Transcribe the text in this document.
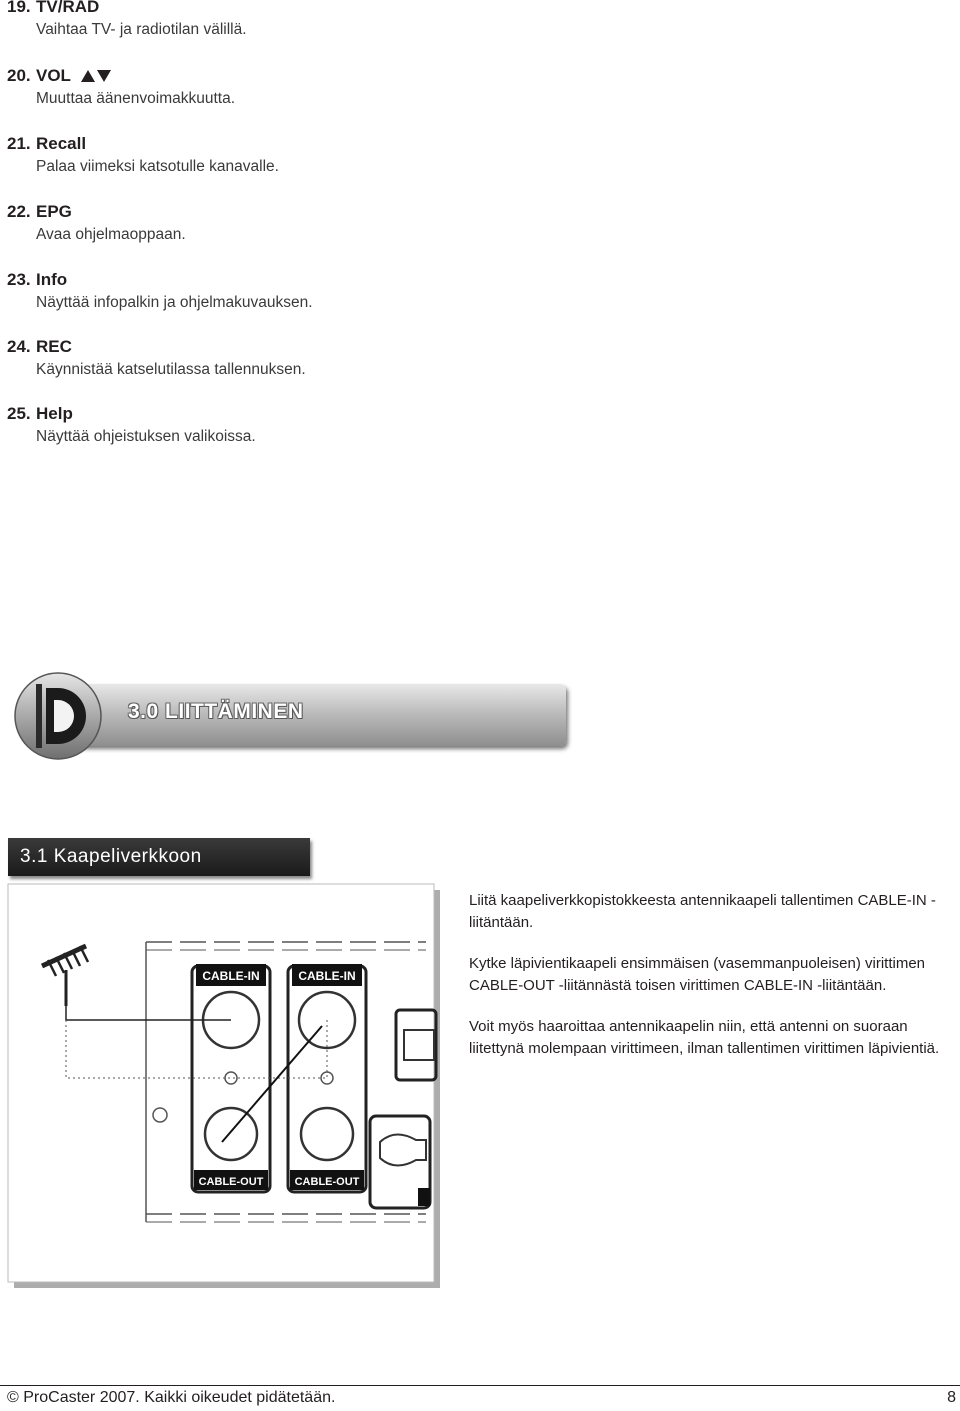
19. TV/RAD
Vaihtaa TV- ja radiotilan välillä.
20. VOL
Muuttaa äänenvoimakkuutta.
21. Recall
Palaa viimeksi katsotulle kanavalle.
22. EPG
Avaa ohjelmaoppaan.
23. Info
Näyttää infopalkin ja ohjelmakuvauksen.
24. REC
Käynnistää katselutilassa tallennuksen.
25. Help
Näyttää ohjeistuksen valikoissa.
3.0 LIITTÄMINEN
3.1 Kaapeliverkkoon
CABLE-IN	CABLE-IN
CABLE-OUT	CABLE-OUT
Liitä kaapeliverkkopistokkeesta antennikaapeli tallentimen CABLE-IN -liitäntään.
Kytke läpivientikaapeli ensimmäisen (vasemmanpuoleisen) virittimen CABLE-OUT -liitännästä toisen virittimen CABLE-IN -liitäntään.
Voit myös haaroittaa antennikaapelin niin, että antenni on suoraan liitettynä molempaan virittimeen, ilman tallentimen virittimen läpivientiä.
© ProCaster 2007. Kaikki oikeudet pidätetään.	8
